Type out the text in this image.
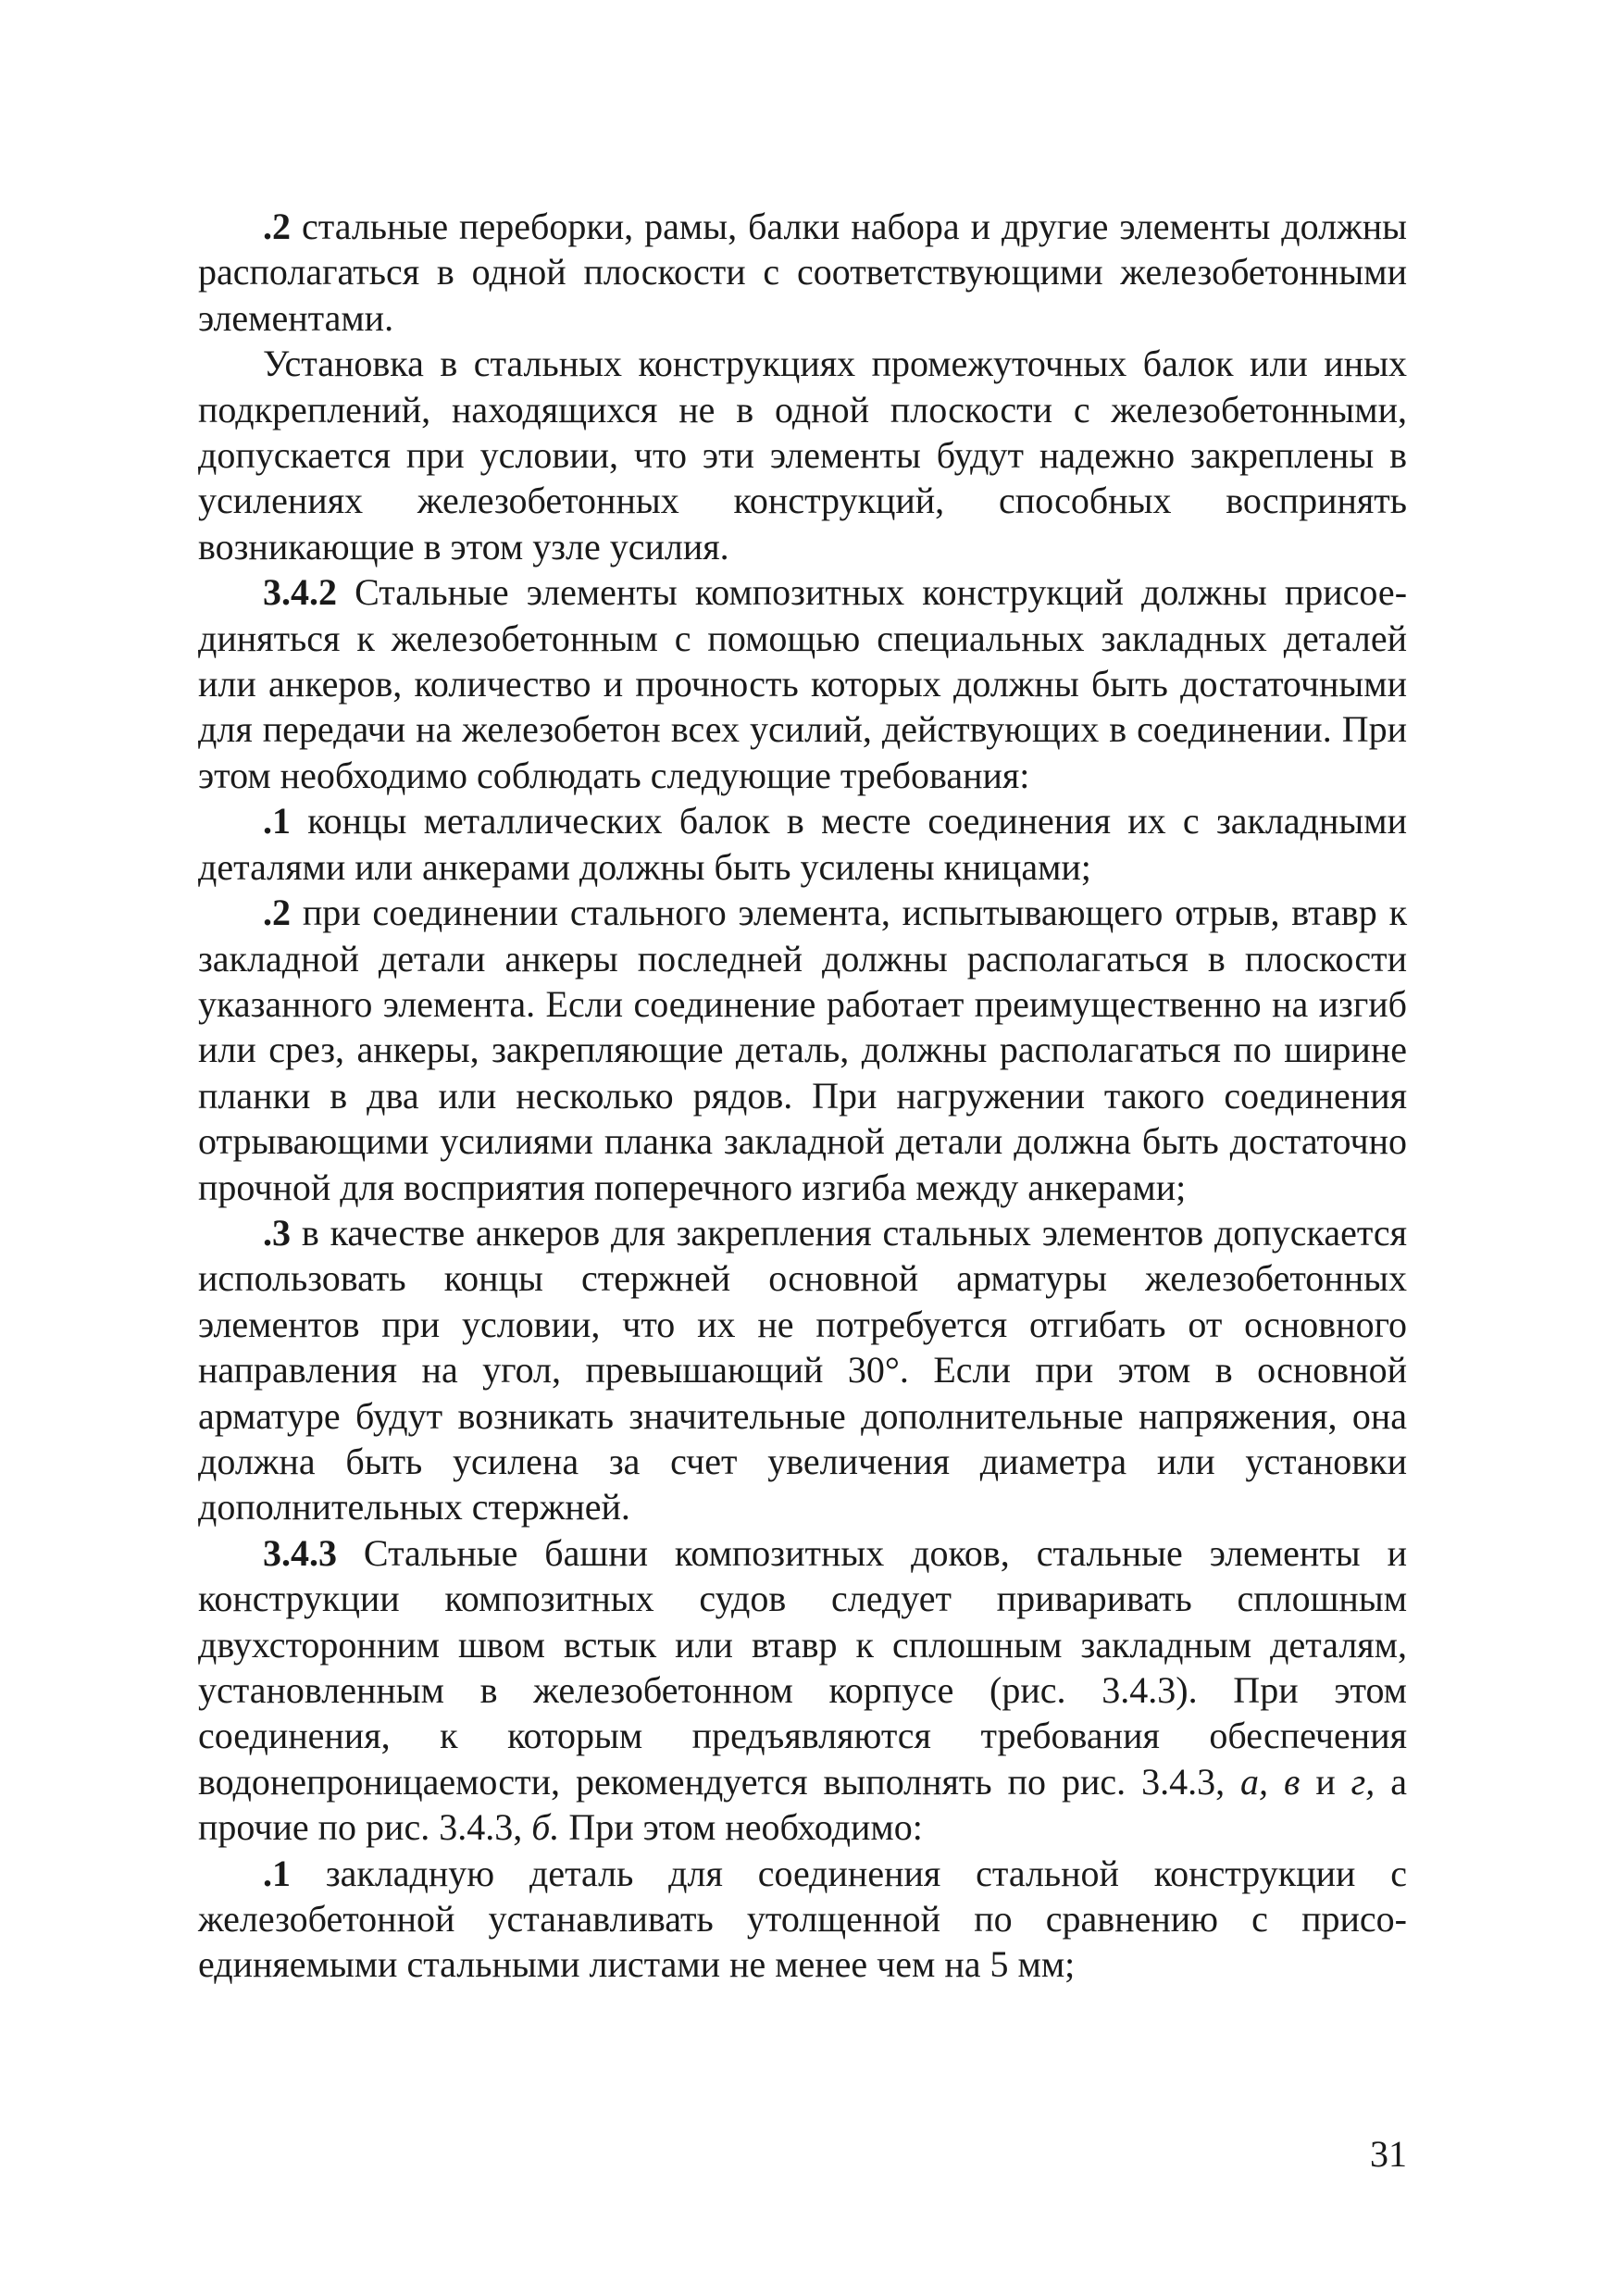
.2 стальные переборки, рамы, балки набора и другие элементы должны располагаться в одной плоскости с соответствующими железобетонными элементами.

Установка в стальных конструкциях промежуточных балок или иных подкреплений, находящихся не в одной плоскости с железобетонными, допускается при условии, что эти элементы будут надежно закреплены в усилениях железобетонных конструкций, способных воспринять возникающие в этом узле усилия.

3.4.2 Стальные элементы композитных конструкций должны присоединяться к железобетонным с помощью специальных закладных деталей или анкеров, количество и прочность которых должны быть достаточными для передачи на железобетон всех усилий, действующих в соединении. При этом необходимо соблюдать следующие требования:

.1 концы металлических балок в месте соединения их с закладными деталями или анкерами должны быть усилены кницами;

.2 при соединении стального элемента, испытывающего отрыв, втавр к закладной детали анкеры последней должны располагаться в плоскости указанного элемента. Если соединение работает преимущественно на изгиб или срез, анкеры, закрепляющие деталь, должны располагаться по ширине планки в два или несколько рядов. При нагружении такого соединения отрывающими усилиями планка закладной детали должна быть достаточно прочной для восприятия поперечного изгиба между анкерами;

.3 в качестве анкеров для закрепления стальных элементов допускается использовать концы стержней основной арматуры железобетонных элементов при условии, что их не потребуется отгибать от основного направления на угол, превышающий 30°. Если при этом в основной арматуре будут возникать значительные дополнительные напряжения, она должна быть усилена за счет увеличения диаметра или установки дополнительных стержней.

3.4.3 Стальные башни композитных доков, стальные элементы и конструкции композитных судов следует приваривать сплошным двухсторонним швом встык или втавр к сплошным закладным деталям, установленным в железобетонном корпусе (рис. 3.4.3). При этом соединения, к которым предъявляются требования обеспечения водонепроницаемости, рекомендуется выполнять по рис. 3.4.3, а, в и г, а прочие по рис. 3.4.3, б. При этом необходимо:

.1 закладную деталь для соединения стальной конструкции с железобетонной устанавливать утолщенной по сравнению с присоединяемыми стальными листами не менее чем на 5 мм;

31
